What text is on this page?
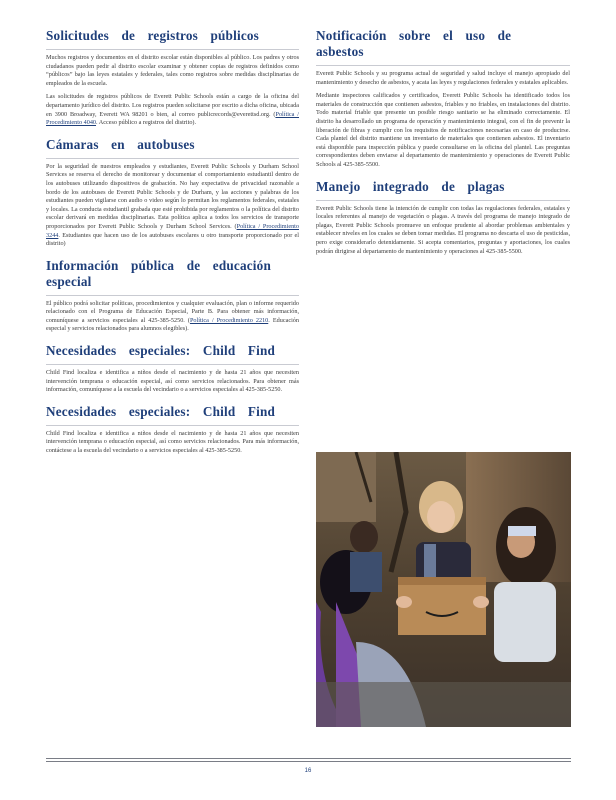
Solicitudes de registros públicos

Muchos registros y documentos en el distrito escolar están disponibles al público. Los padres y otros ciudadanos pueden pedir al distrito escolar examinar y obtener copias de registros definidos como “públicos” bajo las leyes estatales y federales, tales como registros sobre medidas disciplinarias de empleados de la escuela.

Las solicitudes de registros públicos de Everett Public Schools están a cargo de la oficina del departamento jurídico del distrito. Los registros pueden solicitarse por escrito a dicha oficina, ubicada en 3900 Broadway, Everett WA 98201 o bien, al correo publicrecords@everettsd.org. (Política / Procedimiento 4040. Acceso público a registros del distrito).

Cámaras en autobuses

Por la seguridad de nuestros empleados y estudiantes, Everett Public Schools y Durham School Services se reserva el derecho de monitorear y documentar el comportamiento estudiantil dentro de los autobuses utilizando dispositivos de grabación. No hay expectativa de privacidad razonable a bordo de los autobuses de Everett Public Schools y de Durham, y las acciones y palabras de los estudiantes pueden vigilarse con audio o video según lo permitan los reglamentos federales, estatales y locales. La conducta estudiantil grabada que esté prohibida por reglamentos o la política del distrito escolar derivará en medidas disciplinarias. Esta política aplica a todos los servicios de transporte proporcionados por Everett Public Schools y Durham School Services. (Política / Procedimiento 3244. Estudiantes que hacen uso de los autobuses escolares u otro transporte proporcionado por el distrito)

Información pública de educación especial

El público podrá solicitar políticas, procedimientos y cualquier evaluación, plan o informe requerido relacionado con el Programa de Educación Especial, Parte B. Para obtener más información, comuníquese a servicios especiales al 425-385-5250. (Política / Procedimiento 2210. Educación especial y servicios relacionados para alumnos elegibles).

Necesidades especiales: Child Find

Child Find localiza e identifica a niños desde el nacimiento y de hasta 21 años que necesiten intervención temprana o educación especial, así como servicios relacionados. Para obtener más información, comuníquese a la escuela del vecindario o a servicios especiales al 425-385-5250.

Necesidades especiales: Child Find

Child Find localiza e identifica a niños desde el nacimiento y de hasta 21 años que necesiten intervención temprana o educación especial, así como servicios relacionados. Para más información, contáctese a la escuela del vecindario o a servicios especiales al 425-385-5250.

Notificación sobre el uso de asbestos

Everett Public Schools y su programa actual de seguridad y salud incluye el manejo apropiado del mantenimiento y desecho de asbestos, y acata las leyes y regulaciones federales y estatales aplicables.

Mediante inspectores calificados y certificados, Everett Public Schools ha identificado todos los materiales de construcción que contienen asbestos, friables y no friables, en instalaciones del distrito. Todo material friable que presente un posible riesgo sanitario se ha eliminado correctamente. El distrito ha desarrollado un programa de operación y mantenimiento integral, con el fin de prevenir la liberación de fibras y cumplir con los requisitos de notificaciones necesarias en caso de producirse. Cada plantel del distrito mantiene un inventario de materiales que contienen asbestos. El inventario está disponible para inspección pública y puede consultarse en la oficina del plantel. Las preguntas correspondientes deben enviarse al departamento de mantenimiento y operaciones de Everett Public Schools al 425-385-5500.

Manejo integrado de plagas

Everett Public Schools tiene la intención de cumplir con todas las regulaciones federales, estatales y locales referentes al manejo de vegetación o plagas. A través del programa de manejo integrado de plagas, Everett Public Schools promueve un enfoque prudente al abordar problemas ambientales y establecer niveles en los cuales se deben tomar medidas. El programa no descarta el uso de pesticidas, pero exige considerarlo detenidamente. Si acepta comentarios, preguntas y aportaciones, los cuales podrán dirigirse al departamento de mantenimiento y operaciones al 425-385-5500.

16
